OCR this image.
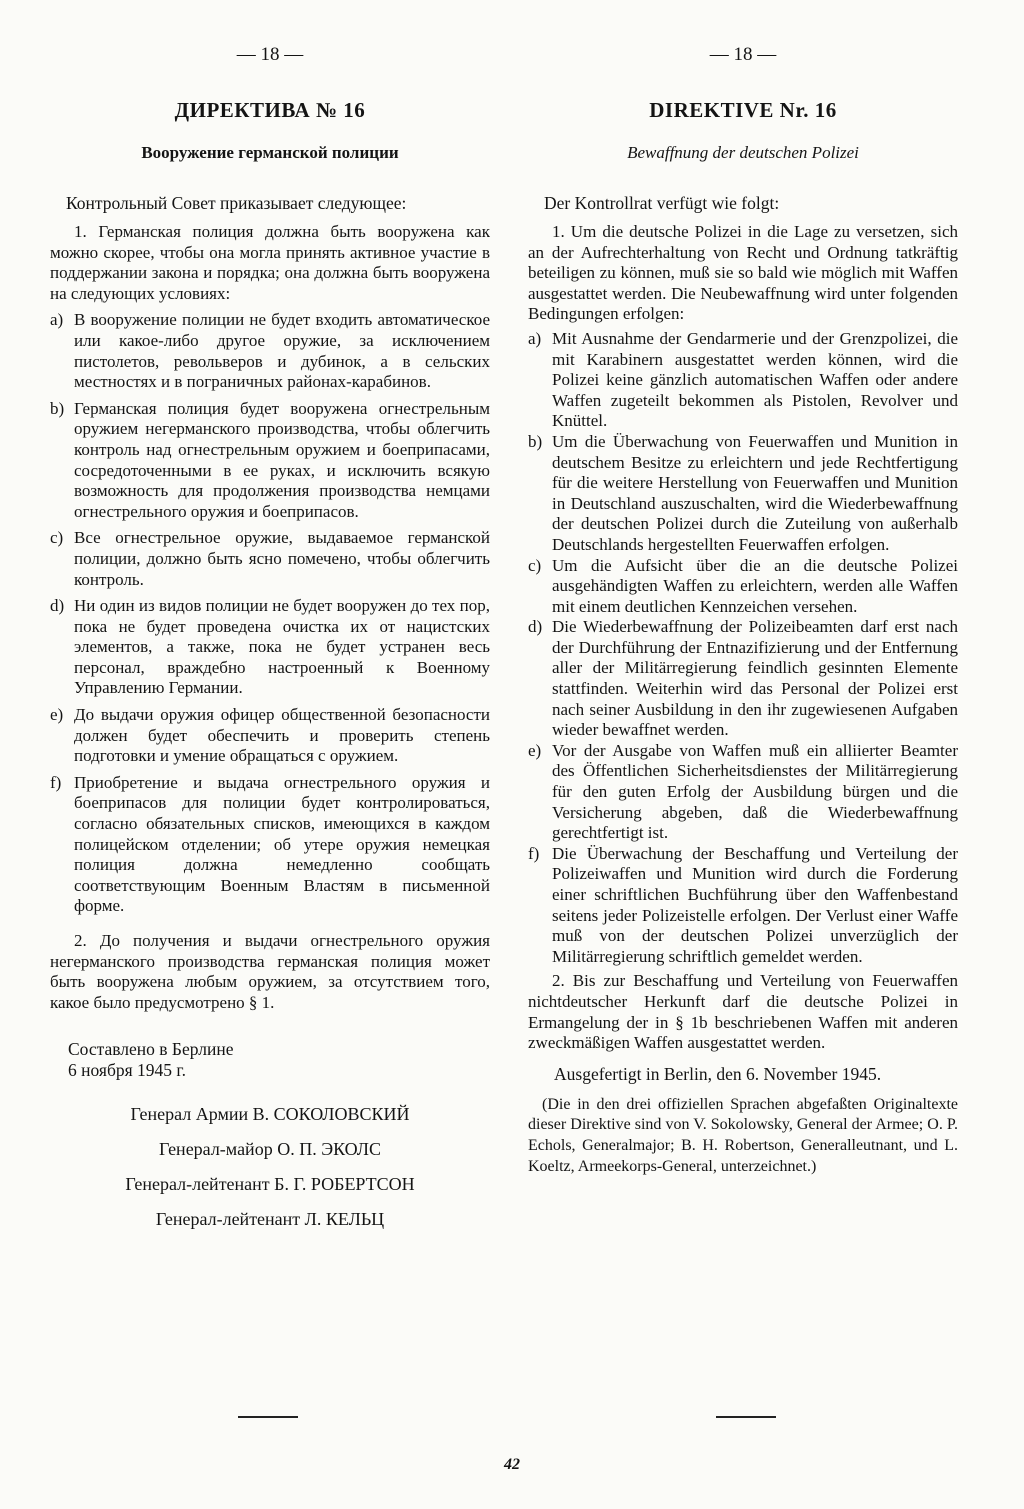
— 18 —
ДИРЕКТИВА № 16
Вооружение германской полиции
Контрольный Совет приказывает следующее:

1. Германская полиция должна быть вооружена как можно скорее, чтобы она могла принять активное участие в поддержании закона и порядка; она должна быть вооружена на следующих условиях:

a) В вооружение полиции не будет входить автоматическое или какое-либо другое оружие, за исключением пистолетов, револьверов и дубинок, а в сельских местностях и в пограничных районах-карабинов.
b) Германская полиция будет вооружена огнестрельным оружием негерманского производства, чтобы облегчить контроль над огнестрельным оружием и боеприпасами, сосредоточенными в ее руках, и исключить всякую возможность для продолжения производства немцами огнестрельного оружия и боеприпасов.
c) Все огнестрельное оружие, выдаваемое германской полиции, должно быть ясно помечено, чтобы облегчить контроль.
d) Ни один из видов полиции не будет вооружен до тех пор, пока не будет проведена очистка их от нацистских элементов, а также, пока не будет устранен весь персонал, враждебно настроенный к Военному Управлению Германии.
e) До выдачи оружия офицер общественной безопасности должен будет обеспечить и проверить степень подготовки и умение обращаться с оружием.
f) Приобретение и выдача огнестрельного оружия и боеприпасов для полиции будет контролироваться, согласно обязательных списков, имеющихся в каждом полицейском отделении; об утере оружия немецкая полиция должна немедленно сообщать соответствующим Военным Властям в письменной форме.

2. До получения и выдачи огнестрельного оружия негерманского производства германская полиция может быть вооружена любым оружием, за отсутствием того, какое было предусмотрено § 1.

Составлено в Берлине
6 ноября 1945 г.
Генерал Армии В. СОКОЛОВСКИЙ
Генерал-майор О. П. ЭКОЛС
Генерал-лейтенант Б. Г. РОБЕРТСОН
Генерал-лейтенант Л. КЕЛЬЦ
— 18 —
DIREKTIVE Nr. 16
Bewaffnung der deutschen Polizei
Der Kontrollrat verfügt wie folgt:

1. Um die deutsche Polizei in die Lage zu versetzen, sich an der Aufrechterhaltung von Recht und Ordnung tatkräftig beteiligen zu können, muß sie so bald wie möglich mit Waffen ausgestattet werden. Die Neubewaffnung wird unter folgenden Bedingungen erfolgen:

a) Mit Ausnahme der Gendarmerie und der Grenzpolizei, die mit Karabinern ausgestattet werden können, wird die Polizei keine gänzlich automatischen Waffen oder andere Waffen zugeteilt bekommen als Pistolen, Revolver und Knüttel.
b) Um die Überwachung von Feuerwaffen und Munition in deutschem Besitze zu erleichtern und jede Rechtfertigung für die weitere Herstellung von Feuerwaffen und Munition in Deutschland auszuschalten, wird die Wiederbewaffnung der deutschen Polizei durch die Zuteilung von außerhalb Deutschlands hergestellten Feuerwaffen erfolgen.
c) Um die Aufsicht über die an die deutsche Polizei ausgehändigten Waffen zu erleichtern, werden alle Waffen mit einem deutlichen Kennzeichen versehen.
d) Die Wiederbewaffnung der Polizeibeamten darf erst nach der Durchführung der Entnazifizierung und der Entfernung aller der Militärregierung feindlich gesinnten Elemente stattfinden. Weiterhin wird das Personal der Polizei erst nach seiner Ausbildung in den ihr zugewiesenen Aufgaben wieder bewaffnet werden.
e) Vor der Ausgabe von Waffen muß ein alliierter Beamter des Öffentlichen Sicherheitsdienstes der Militärregierung für den guten Erfolg der Ausbildung bürgen und die Versicherung abgeben, daß die Wiederbewaffnung gerechtfertigt ist.
f) Die Überwachung der Beschaffung und Verteilung der Polizeiwaffen und Munition wird durch die Forderung einer schriftlichen Buchführung über den Waffenbestand seitens jeder Polizeistelle erfolgen. Der Verlust einer Waffe muß von der deutschen Polizei unverzüglich der Militärregierung schriftlich gemeldet werden.

2. Bis zur Beschaffung und Verteilung von Feuerwaffen nichtdeutscher Herkunft darf die deutsche Polizei in Ermangelung der in § 1b beschriebenen Waffen mit anderen zweckmäßigen Waffen ausgestattet werden.

Ausgefertigt in Berlin, den 6. November 1945.
(Die in den drei offiziellen Sprachen abgefaßten Originaltexte dieser Direktive sind von V. Sokolowsky, General der Armee; O. P. Echols, Generalmajor; B. H. Robertson, Generalleutnant, und L. Koeltz, Armeekorps-General, unterzeichnet.)
42
